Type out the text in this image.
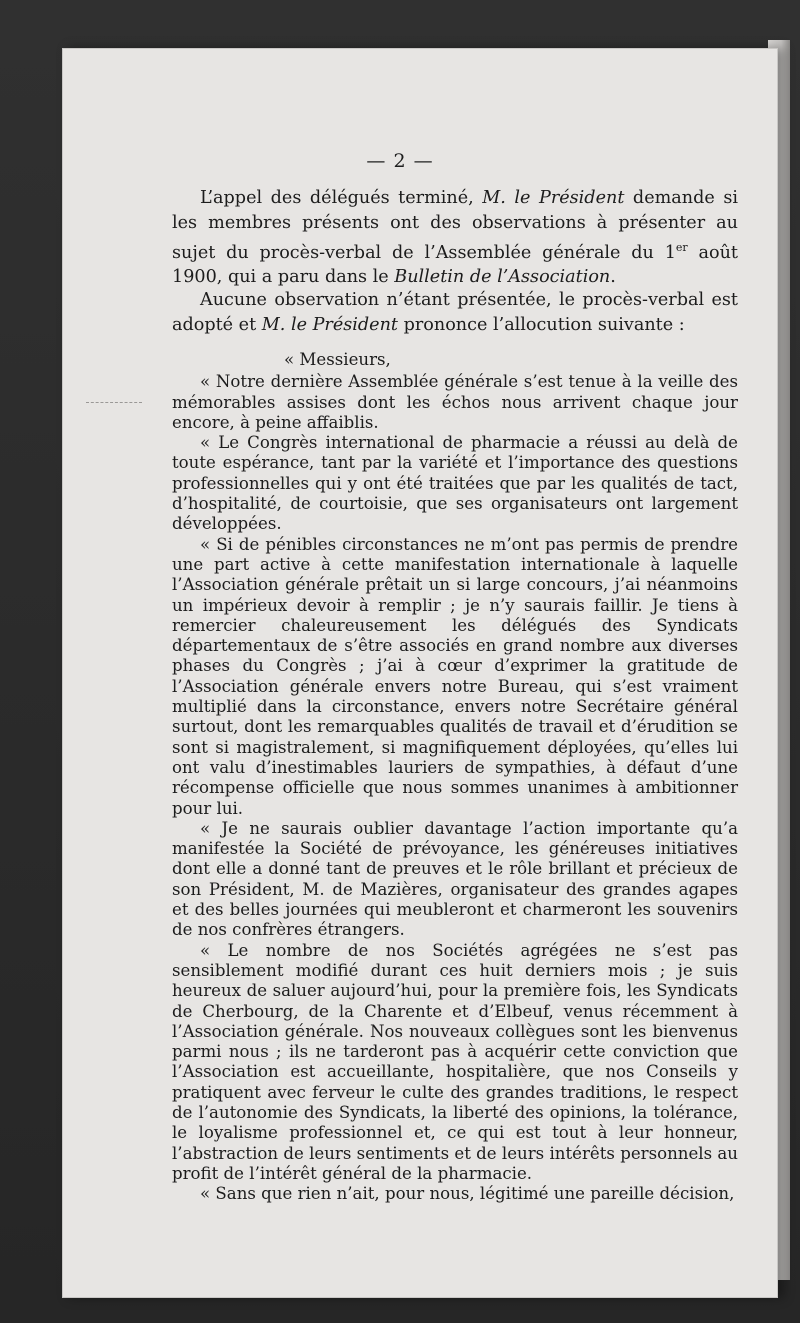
— 2 —
L’appel des délégués terminé, M. le Président demande si les membres présents ont des observations à présenter au sujet du procès-verbal de l’Assemblée générale du 1er août 1900, qui a paru dans le Bulletin de l’Association.
Aucune observation n’étant présentée, le procès-verbal est adopté et M. le Président prononce l’allocution suivante :

« Messieurs,

« Notre dernière Assemblée générale s’est tenue à la veille des mémorables assises dont les échos nous arrivent chaque jour encore, à peine affaiblis.

« Le Congrès international de pharmacie a réussi au delà de toute espérance, tant par la variété et l’importance des questions professionnelles qui y ont été traitées que par les qualités de tact, d’hospitalité, de courtoisie, que ses organisateurs ont largement développées.

« Si de pénibles circonstances ne m’ont pas permis de prendre une part active à cette manifestation internationale à laquelle l’Association générale prêtait un si large concours, j’ai néanmoins un impérieux devoir à remplir ; je n’y saurais faillir. Je tiens à remercier chaleureusement les délégués des Syndicats départementaux de s’être associés en grand nombre aux diverses phases du Congrès ; j’ai à cœur d’exprimer la gratitude de l’Association générale envers notre Bureau, qui s’est vraiment multiplié dans la circonstance, envers notre Secrétaire général surtout, dont les remarquables qualités de travail et d’érudition se sont si magistralement, si magnifiquement déployées, qu’elles lui ont valu d’inestimables lauriers de sympathies, à défaut d’une récompense officielle que nous sommes unanimes à ambitionner pour lui.

« Je ne saurais oublier davantage l’action importante qu’a manifestée la Société de prévoyance, les généreuses initiatives dont elle a donné tant de preuves et le rôle brillant et précieux de son Président, M. de Mazières, organisateur des grandes agapes et des belles journées qui meubleront et charmeront les souvenirs de nos confrères étrangers.

« Le nombre de nos Sociétés agrégées ne s’est pas sensiblement modifié durant ces huit derniers mois ; je suis heureux de saluer aujourd’hui, pour la première fois, les Syndicats de Cherbourg, de la Charente et d’Elbeuf, venus récemment à l’Association générale. Nos nouveaux collègues sont les bienvenus parmi nous ; ils ne tarderont pas à acquérir cette conviction que l’Association est accueillante, hospitalière, que nos Conseils y pratiquent avec ferveur le culte des grandes traditions, le respect de l’autonomie des Syndicats, la liberté des opinions, la tolérance, le loyalisme professionnel et, ce qui est tout à leur honneur, l’abstraction de leurs sentiments et de leurs intérêts personnels au profit de l’intérêt général de la pharmacie.

« Sans que rien n’ait, pour nous, légitimé une pareille décision,
